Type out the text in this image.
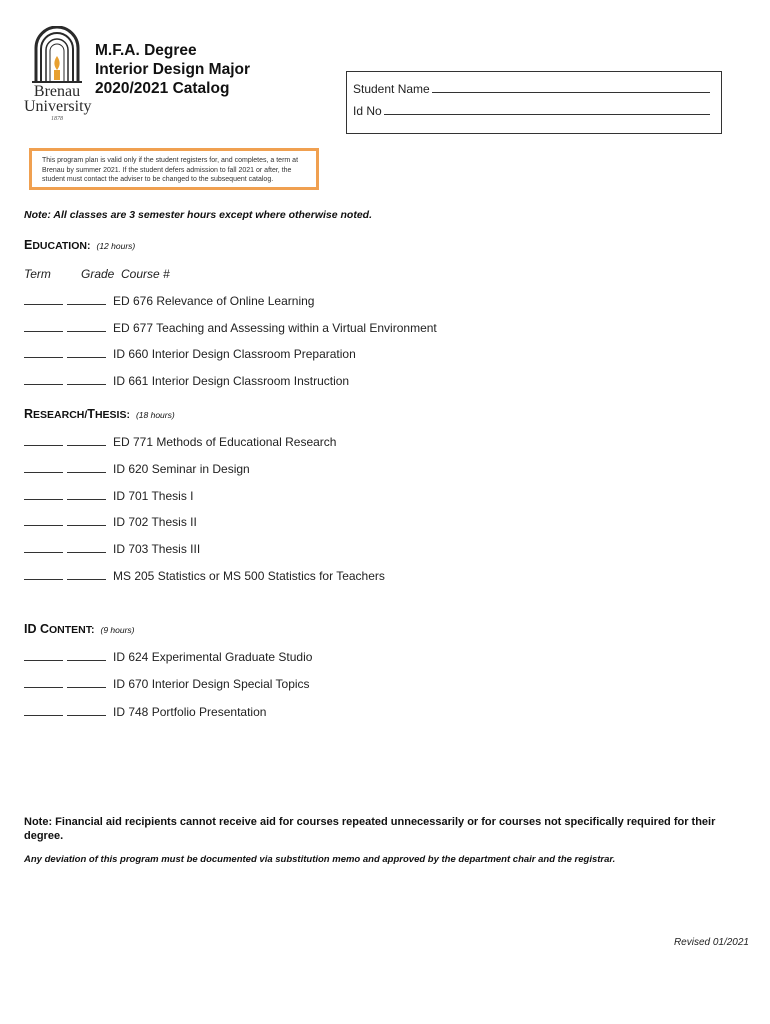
Brenau
University
1878
M.F.A. Degree
Interior Design Major
2020/2021 Catalog	Student Name
Id No
This program plan is valid only if the student registers for, and completes, a term at Brenau by summer 2021. If the student defers admission to fall 2021 or after, the student must contact the adviser to be changed to the subsequent catalog.
Note: All classes are 3 semester hours except where otherwise noted.
EDUCATION: (12 hours)
Term	Grade  Course #
ED 676 Relevance of Online Learning
ED 677 Teaching and Assessing within a Virtual Environment
ID 660 Interior Design Classroom Preparation
ID 661 Interior Design Classroom Instruction
RESEARCH/THESIS: (18 hours)
ED 771 Methods of Educational Research
ID 620 Seminar in Design
ID 701 Thesis I
ID 702 Thesis II
ID 703 Thesis III
MS 205 Statistics or MS 500 Statistics for Teachers
ID CONTENT: (9 hours)
ID 624 Experimental Graduate Studio
ID 670 Interior Design Special Topics
ID 748 Portfolio Presentation
Note: Financial aid recipients cannot receive aid for courses repeated unnecessarily or for courses not specifically required for their degree.
Any deviation of this program must be documented via substitution memo and approved by the department chair and the registrar.
Revised 01/2021
